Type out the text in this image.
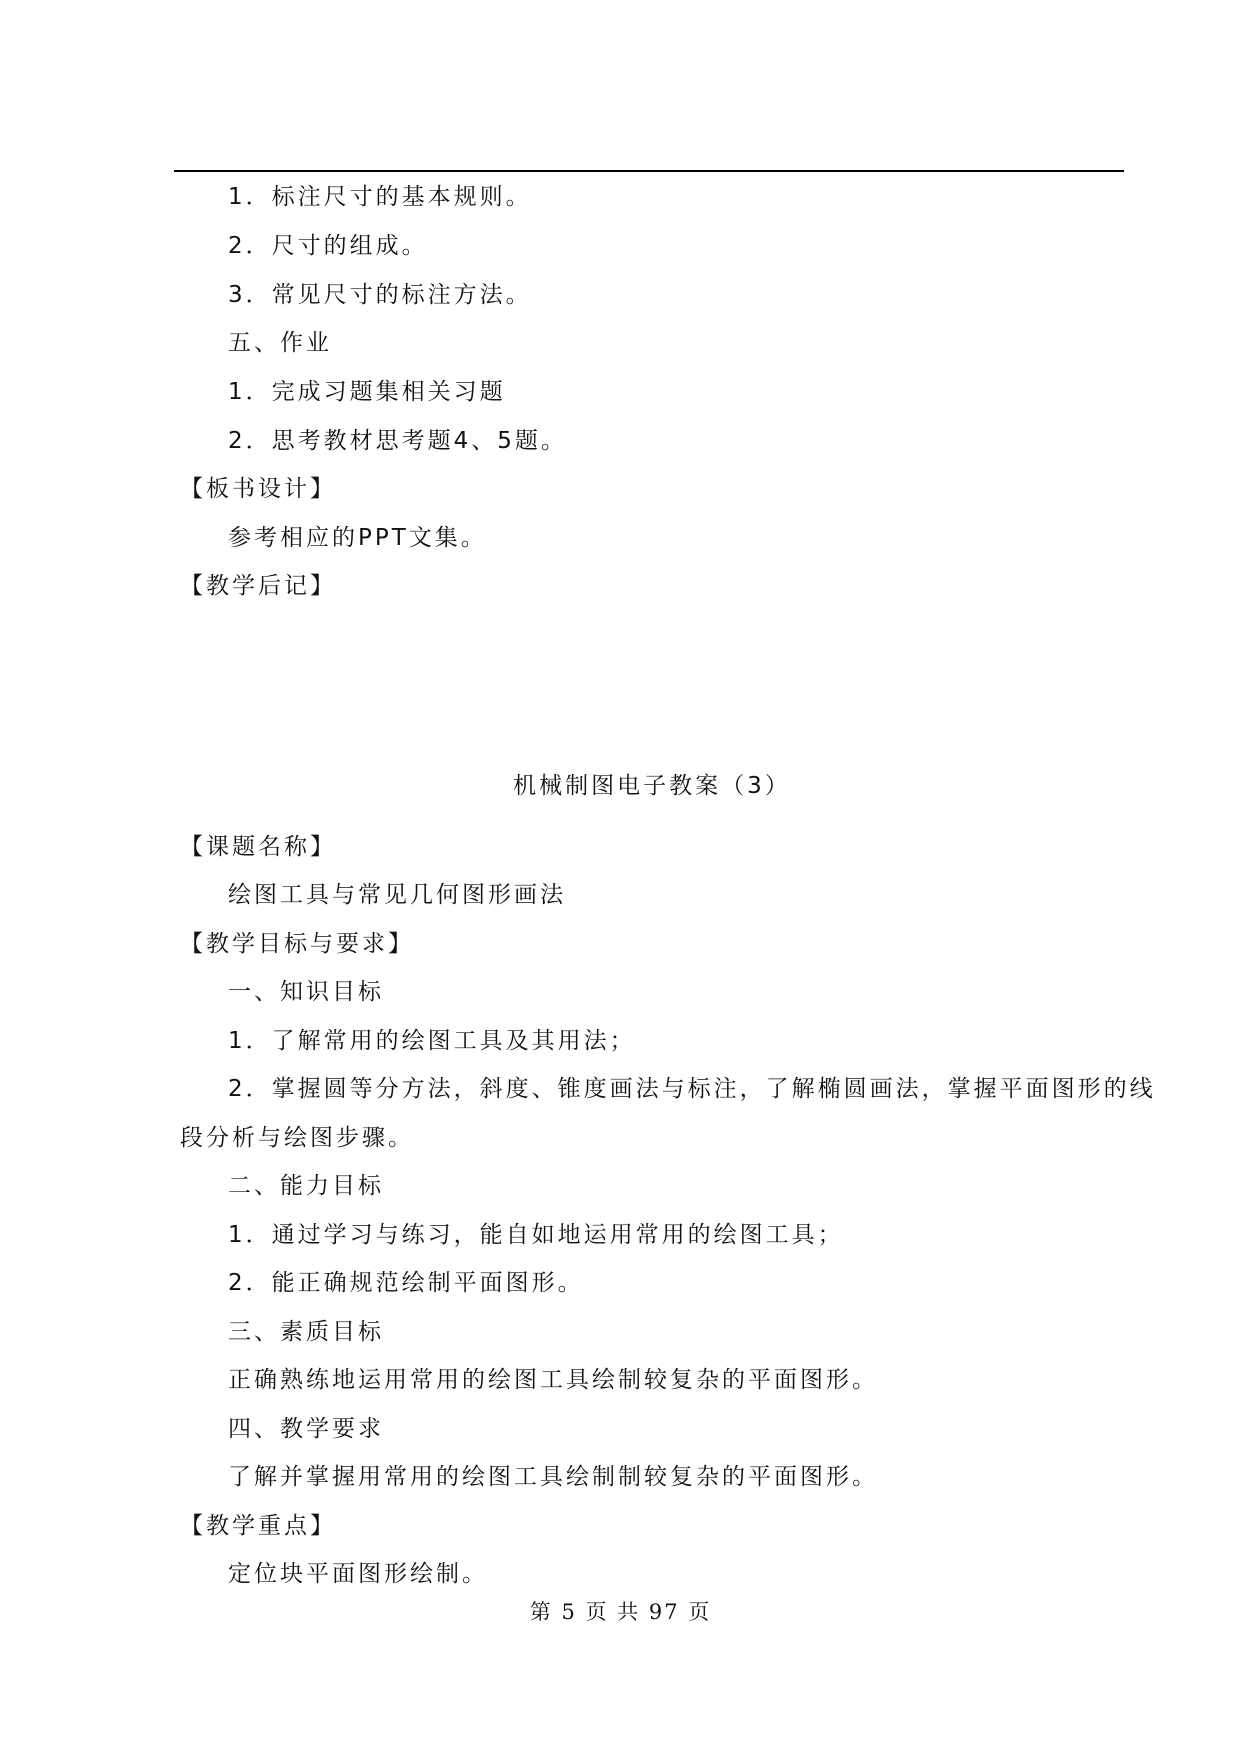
1．标注尺寸的基本规则。
2．尺寸的组成。
3．常见尺寸的标注方法。
五、作业
1．完成习题集相关习题
2．思考教材思考题4、5题。
【板书设计】
参考相应的PPT文集。
【教学后记】
机械制图电子教案（3）
【课题名称】
绘图工具与常见几何图形画法
【教学目标与要求】
一、知识目标
1．了解常用的绘图工具及其用法；
2．掌握圆等分方法，斜度、锥度画法与标注，了解椭圆画法，掌握平面图形的线
段分析与绘图步骤。
二、能力目标
1．通过学习与练习，能自如地运用常用的绘图工具；
2．能正确规范绘制平面图形。
三、素质目标
正确熟练地运用常用的绘图工具绘制较复杂的平面图形。
四、教学要求
了解并掌握用常用的绘图工具绘制制较复杂的平面图形。
【教学重点】
定位块平面图形绘制。
第 5 页 共 97 页
